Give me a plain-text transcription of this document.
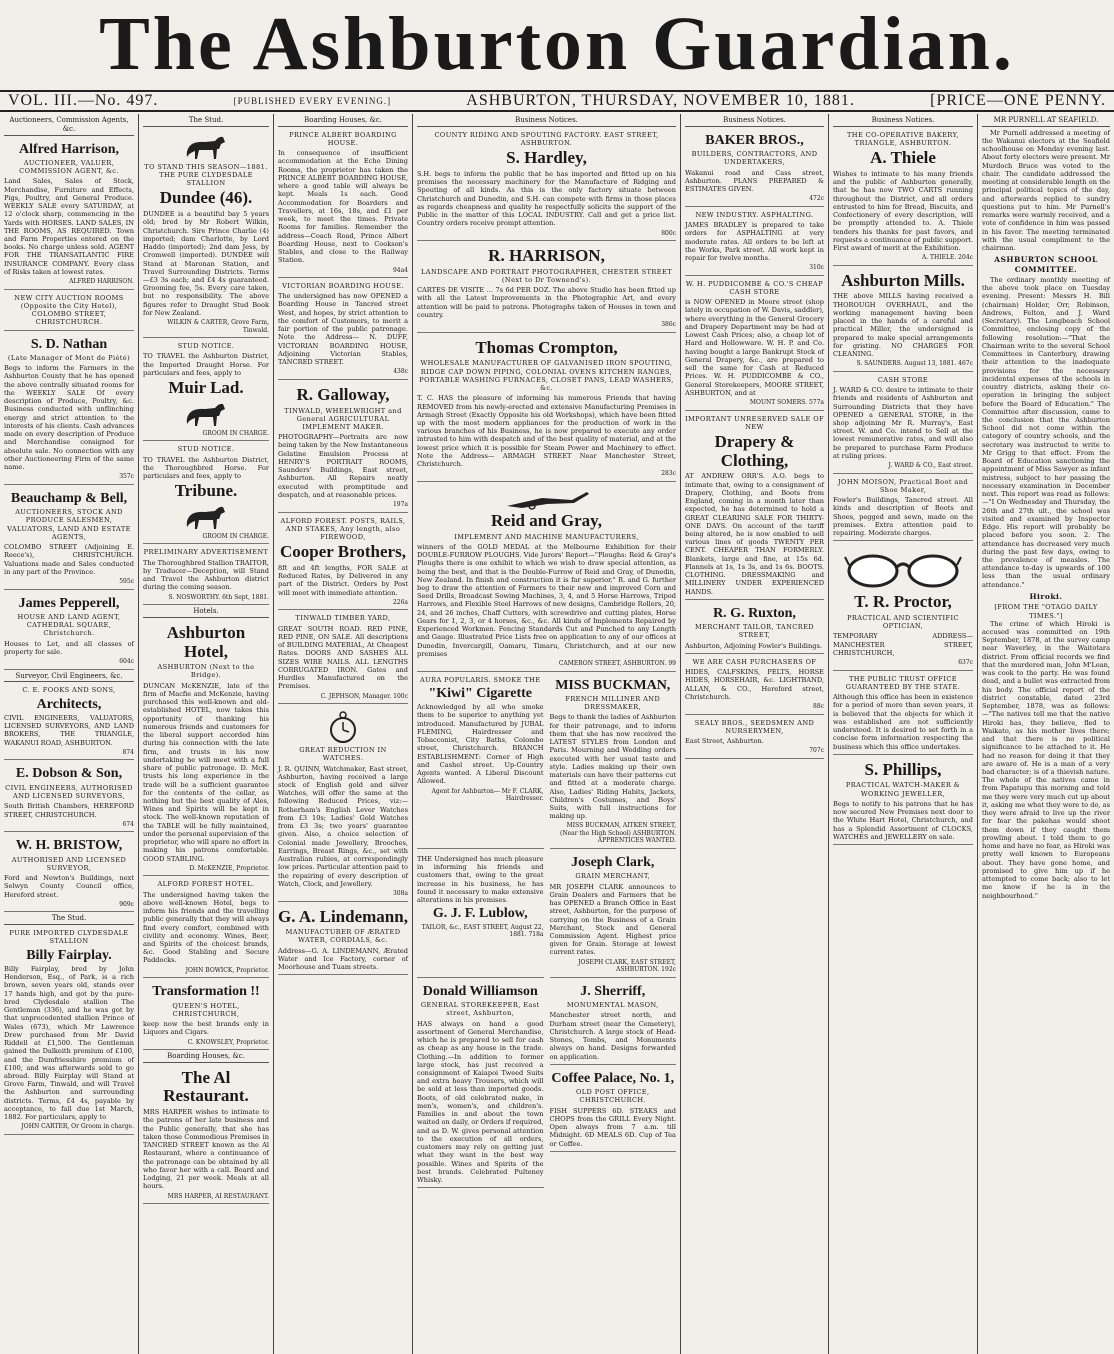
The Ashburton Guardian.
VOL. III.—No. 497.	[PUBLISHED EVERY EVENING.]	ASHBURTON, THURSDAY, NOVEMBER 10, 1881.	[PRICE—ONE PENNY.
Auctioneers, Commission Agents, &c.
Alfred Harrison,
AUCTIONEER, VALUER, COMMISSION AGENT, &c.
Land Sales, Sales of Stock, Merchandise, Furniture and Effects, Pigs, Poultry, and General Produce. WEEKLY SALE every SATURDAY, at 12 o'clock sharp, commencing in the Yards with HORSES. LAND SALES, IN THE ROOMS, AS REQUIRED. Town and Farm Properties entered on the books. No charge unless sold. AGENT FOR THE TRANSATLANTIC FIRE INSURANCE COMPANY. Every class of Risks taken at lowest rates.
ALFRED HARRISON.
NEW CITY AUCTION ROOMS (Opposite the City Hotel), COLOMBO STREET, CHRISTCHURCH.
S. D. Nathan
(Late Manager of Mont de Piété)
Begs to inform the Farmers in the Ashburton County that he has opened the above centrally situated rooms for the WEEKLY SALE Of every description of Produce, Poultry, &c. Business conducted with unflinching energy and strict attention to the interests of his clients. Cash advances made on every description of Produce and Merchandise consigned for absolute sale. No connection with any other Auctioneering Firm of the same name.
357c
Beauchamp & Bell,
AUCTIONEERS, STOCK AND PRODUCE SALESMEN, VALUATORS, LAND AND ESTATE AGENTS,
COLOMBO STREET (Adjoining E. Reece's), CHRISTCHURCH. Valuations made and Sales conducted in any part of the Province.
595c
James Pepperell,
HOUSE AND LAND AGENT, CATHEDRAL SQUARE, Christchurch.
Houses to Let, and all classes of property for sale.
604c
Surveyor, Civil Engineers, &c.
C. E. FOOKS AND SONS,
Architects,
CIVIL ENGINEERS, VALUATORS, LICENSED SURVEYORS, AND LAND BROKERS, THE TRIANGLE, WAKANUI ROAD, ASHBURTON.
874
E. Dobson & Son,
CIVIL ENGINEERS, AUTHORISED AND LICENSED SURVEYORS,
South British Chambers, HEREFORD STREET, CHRISTCHURCH.
674
W. H. BRISTOW,
AUTHORISED AND LICENSED SURVEYOR,
Ford and Newton's Buildings, next Selwyn County Council office, Hereford street.
909c
The Stud.
PURE IMPORTED CLYDESDALE STALLION
Billy Fairplay.
Billy Fairplay, bred by John Henderson, Esq., of Park, is a rich brown, seven years old, stands over 17 hands high, and got by the pure-bred Clydesdale stallion The Gentleman (336), and he was got by that unprecedented stallion Prince of Wales (673), which Mr Lawrence Drew purchased from Mr David Riddell at £1,500. The Gentleman gained the Dalkeith premium of £100, and the Dumfriesshire premium of £100, and was afterwards sold to go abroad. Billy Fairplay will Stand at Grove Farm, Tinwald, and will Travel the Ashburton and surrounding districts. Terms, £4 4s, payable by acceptance, to fall due 1st March, 1882. For particulars, apply to
JOHN CARTER, Or Groom in charge.
The Stud.
TO STAND THIS SEASON—1881. THE PURE CLYDESDALE STALLION
Dundee (46).
DUNDEE is a beautiful bay 5 years old; bred by Mr Robert Wilkin, Christchurch. Sire Prince Charlie (4) imported; dam Charlotte, by Lord Haddo (imported); 2nd dam Jess, by Cromwell (imported). DUNDEE will Stand at Maronan Station, and Travel Surrounding Districts. Terms—£3 3s each; and £4 4s guaranteed. Grooming fee, 5s. Every care taken, but no responsibility. The above figures refer to Draught Stud Book for New Zealand.
WILKIN & CARTER, Grove Farm, Tinwald.
STUD NOTICE.
TO TRAVEL the Ashburton District, the Imported Draught Horse. For particulars and fees, apply to
Muir Lad.
GROOM IN CHARGE.
STUD NOTICE.
TO TRAVEL the Ashburton District, the Thoroughbred Horse. For particulars and fees, apply to
Tribune.
GROOM IN CHARGE.
PRELIMINARY ADVERTISEMENT
The Thoroughbred Stallion TRAITOR, by Traducer—Deception, will Stand and Travel the Ashburton district during the coming season.
S. NOSWORTHY. 6th Sept, 1881.
Hotels.
Ashburton Hotel,
ASHBURTON (Next to the Bridge).
DUNCAN McKENZIE, late of the firm of Macfie and McKenzie, having purchased this well-known and old-established HOTEL, now takes this opportunity of thanking his numerous friends and customers for the liberal support accorded him during his connection with the late firm, and trusts in his now undertaking he will meet with a full share of public patronage. D. McK. trusts his long experience in the trade will be a sufficient guarantee for the contents of the cellar, as nothing but the best quality of Ales, Wines and Spirits will be kept in stock. The well-known reputation of the TABLE will be fully maintained, under the personal supervision of the proprietor, who will spare no effort in making his patrons comfortable. GOOD STABLING.
D. McKENZIE, Proprietor.
ALFORD FOREST HOTEL.
The undersigned having taken the above well-known Hotel, begs to inform his friends and the travelling public generally that they will always find every comfort, combined with civility and economy. Wines, Beer, and Spirits of the choicest brands, &c. Good Stabling and Secure Paddocks.
JOHN BOWICK, Proprietor.
Transformation !!
QUEEN'S HOTEL, CHRISTCHURCH,
keep now the best brands only in Liquors and Cigars.
C. KNOWSLEY, Proprietor.
Boarding Houses, &c.
The Al Restaurant.
MRS HARPER wishes to intimate to the patrons of her late business and the Public generally, that she has taken those Commodious Premises in TANCRED STREET known as the Al Restaurant, where a continuance of the patronage can be obtained by all who favor her with a call. Board and Lodging, 21 per week. Meals at all hours.
MRS HARPER, AI RESTAURANT.
Boarding Houses, &c.
PRINCE ALBERT BOARDING HOUSE.
In consequence of insufficient accommodation at the Echo Dining Rooms, the proprietor has taken the PRINCE ALBERT BOARDING HOUSE, where a good table will always be kept. Meals 1s each. Good Accommodation for Boarders and Travellers, at 16s, 18s, and £1 per week, to meet the times. Private Rooms for families. Remember the address—Coach Road, Prince Albert Boarding House, next to Cookson's Stables, and close to the Railway Station.
94a4
VICTORIAN BOARDING HOUSE.
The undersigned has now OPENED a Boarding House in Tancred street West, and hopes, by strict attention to the comfort of Customers, to merit a fair portion of the public patronage. Note the Address— N. DUFF, VICTORIAN BOARDING HOUSE, Adjoining Victorian Stables, TANCRED STREET.
438c
R. Galloway,
TINWALD, WHEELWRIGHT and General AGRICULTURAL IMPLEMENT MAKER.
PHOTOGRAPHY—Portraits are now being taken by the New Instantaneous Gelatine Emulsion Process at HENRY'S PORTRAIT ROOMS, Saunders' Buildings, East street, Ashburton. All Repairs neatly executed with promptitude and despatch, and at reasonable prices.
197a
ALFORD FOREST. POSTS, RAILS, AND STAKES, Any length, also FIREWOOD,
Cooper Brothers,
8ft and 4ft lengths, FOR SALE at Reduced Rates, by Delivered in any part of the District. Orders by Post will meet with immediate attention.
226a
TINWALD TIMBER YARD,
GREAT SOUTH ROAD. RED PINE, RED PINE, ON SALE. All descriptions of BUILDING MATERIAL, At Cheapest Rates. DOORS AND SASHES ALL SIZES WIRE NAILS. ALL LENGTHS CORRUGATED IRON. Gates and Hurdles Manufactured on the Premises.
C. JEPHSON, Manager. 100c
GREAT REDUCTION IN WATCHES.
J. R. QUINN, Watchmaker, East street, Ashburton, having received a large stock of English gold and silver Watches, will offer the same at the following Reduced Prices, viz:—Rotherham's English Lever Watches from £3 10s; Ladies' Gold Watches from £3 3s; two years' guarantee given. Also, a choice selection of Colonial made Jewellery, Brooches, Earrings, Breast Rings, &c., set with Australian rubies, at correspondingly low prices. Particular attention paid to the repairing of every description of Watch, Clock, and Jewellery.
308a
G. A. Lindemann,
MANUFACTURER OF ÆRATED WATER, CORDIALS, &c.
Address—G. A. LINDEMANN, Ærated Water and Ice Factory, corner of Moorhouse and Tuam streets.
Business Notices.
COUNTY RIDING AND SPOUTING FACTORY. EAST STREET, ASHBURTON.
S. Hardley,
S.H. begs to inform the public that he has imported and fitted up on his premises the necessary machinery for the Manufacture of Ridging and Spouting of all kinds. As this is the only factory situate between Christchurch and Dunedin, and S.H. can compete with firms in those places as regards cheapness and quality he respectfully solicits the support of the Public in the matter of this LOCAL INDUSTRY. Call and get a price list. Country orders receive prompt attention.
800c
R. HARRISON,
LANDSCAPE AND PORTRAIT PHOTOGRAPHER, CHESTER STREET (Next to Dr Townend's).
CARTES DE VISITE ... 7s 6d PER DOZ. The above Studio has been fitted up with all the Latest Improvements in the Photographic Art, and every attention will be paid to patrons. Photographs taken of Houses in town and country.
386c
Thomas Crompton,
WHOLESALE MANUFACTURER OF GALVANISED IRON SPOUTING, RIDGE CAP DOWN PIPING, COLONIAL OVENS KITCHEN RANGES, PORTABLE WASHING FURNACES, CLOSET PANS, LEAD WASHERS, &c.
T. C. HAS the pleasure of informing his numerous Friends that having REMOVED from his newly-erected and extensive Manufacturing Premises in Armagh Street (Exactly Opposite his old Workshops), which have been fitted up with the most modern appliances for the production of work in the various branches of his Business, he is now prepared to execute any order intrusted to him with despatch and of the best quality of material, and at the lowest price which it is possible for Steam Power and Machinery to effect. Note the Address— ARMAGH STREET Near Manchester Street, Christchurch.
283c
Reid and Gray,
IMPLEMENT AND MACHINE MANUFACTURERS,
winners of the GOLD MEDAL at the Melbourne Exhibition for their DOUBLE-FURROW PLOUGHS. Vide Jurors' Report—"Ploughs: Reid & Gray's Ploughs there is one exhibit to which we wish to draw special attention, as being the best, and that is the Double-Furrow of Reid and Gray, of Dunedin, New Zealand. In finish and construction it is far superior." R. and G. further beg to draw the attention of Farmers to their new and improved Corn and Seed Drills, Broadcast Sowing Machines, 3, 4, and 5 Horse Harrows, Tripod Harrows, and Flexible Steel Harrows of new designs, Cambridge Rollers, 20, 24, and 26 inches, Chaff Cutters, with screwdrive and cutting plates, Horse Gears for 1, 2, 3, or 4 horses, &c., &c. All kinds of Implements Repaired by Experienced Workmen. Fencing Standards Cut and Punched to any Length and Gauge. Illustrated Price Lists free on application to any of our offices at Dunedin, Invercargill, Oamaru, Timaru, Christchurch, and at our new premises
CAMERON STREET, ASHBURTON. 99
AURA POPULARIS. SMOKE THE
"Kiwi" Cigarette
Acknowledged by all who smoke them to be superior to anything yet introduced. Manufactured by JUBAL FLEMING, Hairdresser and Tobacconist, City Baths, Colombo street, Christchurch. BRANCH ESTABLISHMENT: Corner of High and Cashel street. Up-Country Agents wanted. A Liberal Discount Allowed.
Agent for Ashburton— Mr F. CLARK, Hairdresser.
MISS BUCKMAN,
FRENCH MILLINER AND DRESSMAKER,
Begs to thank the ladies of Ashburton for their patronage, and to inform them that she has now received the LATEST STYLES from London and Paris. Mourning and Wedding orders executed with her usual taste and style. Ladies making up their own materials can have their patterns cut and fitted at a moderate charge. Also, Ladies' Riding Habits, Jackets, Children's Costumes, and Boys' Suits, with full instructions for making up.
MISS BUCKMAN, AITKEN STREET, (Near the High School) ASHBURTON. APPRENTICES WANTED.
THE Undersigned has much pleasure in informing his friends and customers that, owing to the great increase in his business, he has found it necessary to make extensive alterations in his premises.
G. J. F. Lublow,
TAILOR, &c., EAST STREET, August 22, 1881. 718a
Joseph Clark,
GRAIN MERCHANT,
MR JOSEPH CLARK announces to Grain Dealers and Farmers that he has OPENED a Branch Office in East street, Ashburton, for the purpose of carrying on the Business of a Grain Merchant, Stock and General Commission Agent. Highest price given for Grain. Storage at lowest current rates.
JOSEPH CLARK, EAST STREET, ASHBURTON. 192c
Donald Williamson
GENERAL STOREKEEPER, East street, Ashburton,
HAS always on hand a good assortment of General Merchandise, which he is prepared to sell for cash as cheap as any house in the trade. Clothing.—In addition to former large stock, has just received a consignment of Kaiapoi Tweed Suits and extra heavy Trousers, which will be sold at less than imported goods. Boots, of old celebrated make, in men's, women's, and children's. Families in and about the town waited on daily, or Orders if required, and as D. W. gives personal attention to the execution of all orders, customers may rely on getting just what they want in the best way possible. Wines and Spirits of the best brands. Celebrated Pulteney Whisky.
J. Sherriff,
MONUMENTAL MASON,
Manchester street north, and Durham street (near the Cemetery), Christchurch. A large stock of Head-Stones, Tombs, and Monuments always on hand. Designs forwarded on application.
Coffee Palace, No. 1,
OLD POST OFFICE, CHRISTCHURCH.
FISH SUPPERS 6D. STEAKS and CHOPS from the GRILL Every Night. Open always from 7 a.m. till Midnight. 6D MEALS 6D. Cup of Tea or Coffee.
Business Notices.
BAKER BROS.,
BUILDERS, CONTRACTORS, AND UNDERTAKERS,
Wakanui road and Cass street, Ashburton. PLANS PREPARED & ESTIMATES GIVEN.
472c
NEW INDUSTRY. ASPHALTING.
JAMES BRADLEY is prepared to take orders for ASPHALTING at very moderate rates. All orders to be left at the Works, Park street. All work kept in repair for twelve months.
310c
W. H. PUDDICOMBE & CO.'S CHEAP CASH STORE
is NOW OPENED in Moore street (shop lately in occupation of W. Davis, saddler), where everything in the General Grocery and Drapery Department may be had at Lowest Cash Prices; also, a cheap lot of Hard and Hollowware. W. H. P. and Co. having bought a large Bankrupt Stock of General Drapery, &c., are prepared to sell the same for Cash at Reduced Prices. W. H. PUDDICOMBE & CO., General Storekeepers, MOORE STREET, ASHBURTON, and at
MOUNT SOMERS. 577a
IMPORTANT UNRESERVED SALE OF NEW
Drapery & Clothing,
AT ANDREW ORR'S. A.O. begs to intimate that, owing to a consignment of Drapery, Clothing, and Boots from England, coming in a month later than expected, he has determined to hold a GREAT CLEARING SALE FOR THIRTY-ONE DAYS. On account of the tariff being altered, he is now enabled to sell various lines of goods TWENTY PER CENT. CHEAPER THAN FORMERLY. Blankets, large and fine, at 15s 6d. Flannels at 1s, 1s 3s, and 1s 6s. BOOTS. CLOTHING. DRESSMAKING and MILLINERY UNDER EXPERIENCED HANDS.
R. G. Ruxton,
MERCHANT TAILOR, TANCRED STREET,
Ashburton, Adjoining Fowler's Buildings.
WE ARE CASH PURCHASERS OF
HIDES, CALFSKINS, PELTS, HORSE HIDES, HORSEHAIR, &c. LIGHTBAND, ALLAN, & CO., Hereford street, Christchurch.
88c
SEALY BROS., SEEDSMEN AND NURSERYMEN,
East Street, Ashburton.
707c
Business Notices.
THE CO-OPERATIVE BAKERY, TRIANGLE, ASHBURTON.
A. Thiele
Wishes to intimate to his many friends and the public of Ashburton generally, that he has now TWO CARTS running throughout the District, and all orders entrusted to him for Bread, Biscuits, and Confectionery of every description, will be promptly attended to. A. Thiele tenders his thanks for past favors, and requests a continuance of public support. First award of merit at the Exhibition.
A. THIELE. 204c
Ashburton Mills.
THE above MILLS having received a THOROUGH OVERHAUL, and the working management having been placed in the hands of a careful and practical Miller, the undersigned is prepared to make special arrangements for gristing. NO CHARGES FOR CLEANING.
S. SAUNDERS. August 13, 1881. 467c
CASH STORE
J. WARD & CO. desire to intimate to their friends and residents of Ashburton and Surrounding Districts that they have OPENED a GENERAL STORE, in the shop adjoining Mr R. Murray's, East street. W. and Co. intend to Sell at the lowest remunerative rates, and will also be prepared to purchase Farm Produce at ruling prices.
J. WARD & CO., East street.
JOHN MOISON, Practical Boot and Shoe Maker,
Fowler's Buildings, Tancred street. All kinds and description of Boots and Shoes, pegged and sewn, made on the premises. Extra attention paid to repairing. Moderate charges.
T. R. Proctor,
PRACTICAL AND SCIENTIFIC OPTICIAN,
TEMPORARY ADDRESS— MANCHESTER STREET, CHRISTCHURCH,
637c
THE PUBLIC TRUST OFFICE GUARANTEED BY THE STATE.
Although this office has been in existence for a period of more than seven years, it is believed that the objects for which it was established are not sufficiently understood. It is desired to set forth in a concise form information respecting the business which this office undertakes.
S. Phillips,
PRACTICAL WATCH-MAKER & WORKING JEWELLER,
Begs to notify to his patrons that he has now secured New Premises next door to the White Hart Hotel, Christchurch, and has a Splendid Assortment of CLOCKS, WATCHES and JEWELLERY on sale.
MR PURNELL AT SEAFIELD.

Mr Purnell addressed a meeting of the Wakanui electors at the Seafield schoolhouse on Monday evening last. About forty electors were present. Mr Murdoch Bruce was voted to the chair. The candidate addressed the meeting at considerable length on the principal political topics of the day, and afterwards replied to sundry questions put to him. Mr Purnell's remarks were warmly received, and a vote of confidence in him was passed in his favor. The meeting terminated with the usual compliment to the chairman.

ASHBURTON SCHOOL COMMITTEE.

The ordinary monthly meeting of the above took place on Tuesday evening. Present: Messrs H. Bill (chairman) Holder, Orr, Robinson, Andrews, Felton, and J. Ward (Secretary). The Longbeach School Committee, enclosing copy of the following resolution:—"That the Chairman write to the several School Committees in Canterbury, drawing their attention to the inadequate provisions for the necessary incidental expenses of the schools in country districts, asking their co-operation in bringing the subject before the Board of Education." The Committee after discussion, came to the conclusion that the Ashburton School did not come within the category of country schools, and the secretary was instructed to write to Mr Grigg to that effect. From the Board of Education sanctioning the appointment of Miss Sawyer as infant mistress, subject to her passing the necessary examination in December next. This report was read as follows:—"I On Wednesday and Thursday, the 26th and 27th ult., the school was visited and examined by Inspector Edge. His report will probably be placed before you soon. 2. The attendance has decreased very much during the past few days, owing to the prevalence of measles. The attendance to-day is upwards of 100 less than the usual ordinary attendance."

Hiroki.
[FROM THE "OTAGO DAILY TIMES."]

The crime of which Hiroki is accused was committed on 19th September, 1878, at the survey camp near Waverley, in the Waitotara district. From official records we find that the murdered man, John M'Lean, was cook to the party. He was found dead, and a bullet was extracted from his body. The official report of the district constable, dated 23rd September, 1878, was as follows:—"The natives tell me that the native Hiroki has, they believe, fled to Waikato, as his mother lives there; and that there is no political significance to be attached to it. He had no reason for doing it that they are aware of. He is a man of a very bad character; is of a thievish nature. The whole of the natives came in from Papatupu this morning and told me they were very much cut up about it, asking me what they were to do, as they were afraid to live up the river for fear the pakehas would shoot them down if they caught them prowling about. I told them to go home and have no fear, as Hiroki was pretty well known to Europeans about. They have gone home, and promised to give him up if he attempted to come back; also to let me know if he is in the neighbourhood."
